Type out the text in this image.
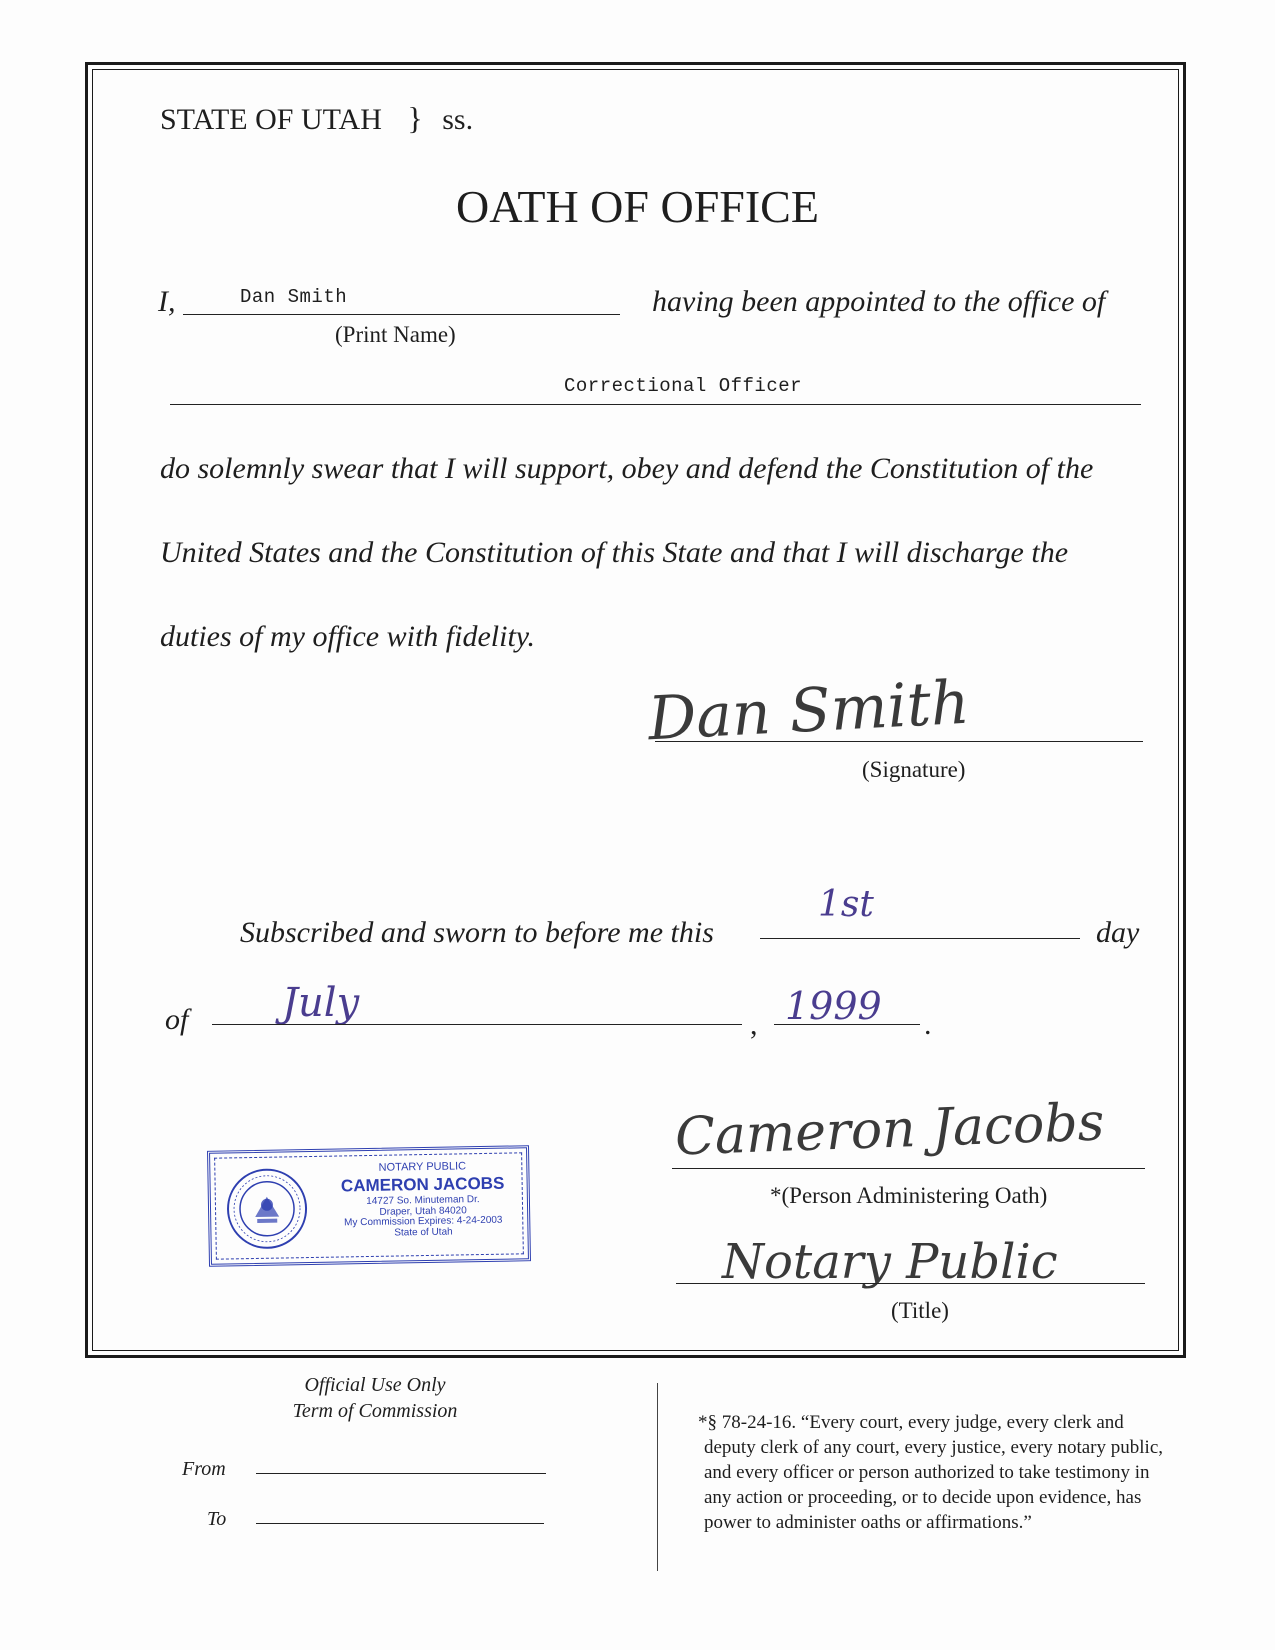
STATE OF UTAH } ss.
OATH OF OFFICE
I,	Dan Smith
(Print Name)
having been appointed to the office of
Correctional Officer
do solemnly swear that I will support, obey and defend the Constitution of the
United States and the Constitution of this State and that I will discharge the
duties of my office with fidelity.
Dan Smith
(Signature)
Subscribed and sworn to before me this
1st
day
of July	, 1999 .
NOTARY PUBLIC
CAMERON JACOBS
14727 So. Minuteman Dr.
Draper, Utah 84020
My Commission Expires: 4-24-2003
State of Utah
Cameron Jacobs
*(Person Administering Oath)
Notary Public
(Title)
Official Use Only
Term of Commission
From
To
*§ 78-24-16. “Every court, every judge, every clerk and
deputy clerk of any court, every justice, every notary public,
and every officer or person authorized to take testimony in
any action or proceeding, or to decide upon evidence, has
power to administer oaths or affirmations.”
